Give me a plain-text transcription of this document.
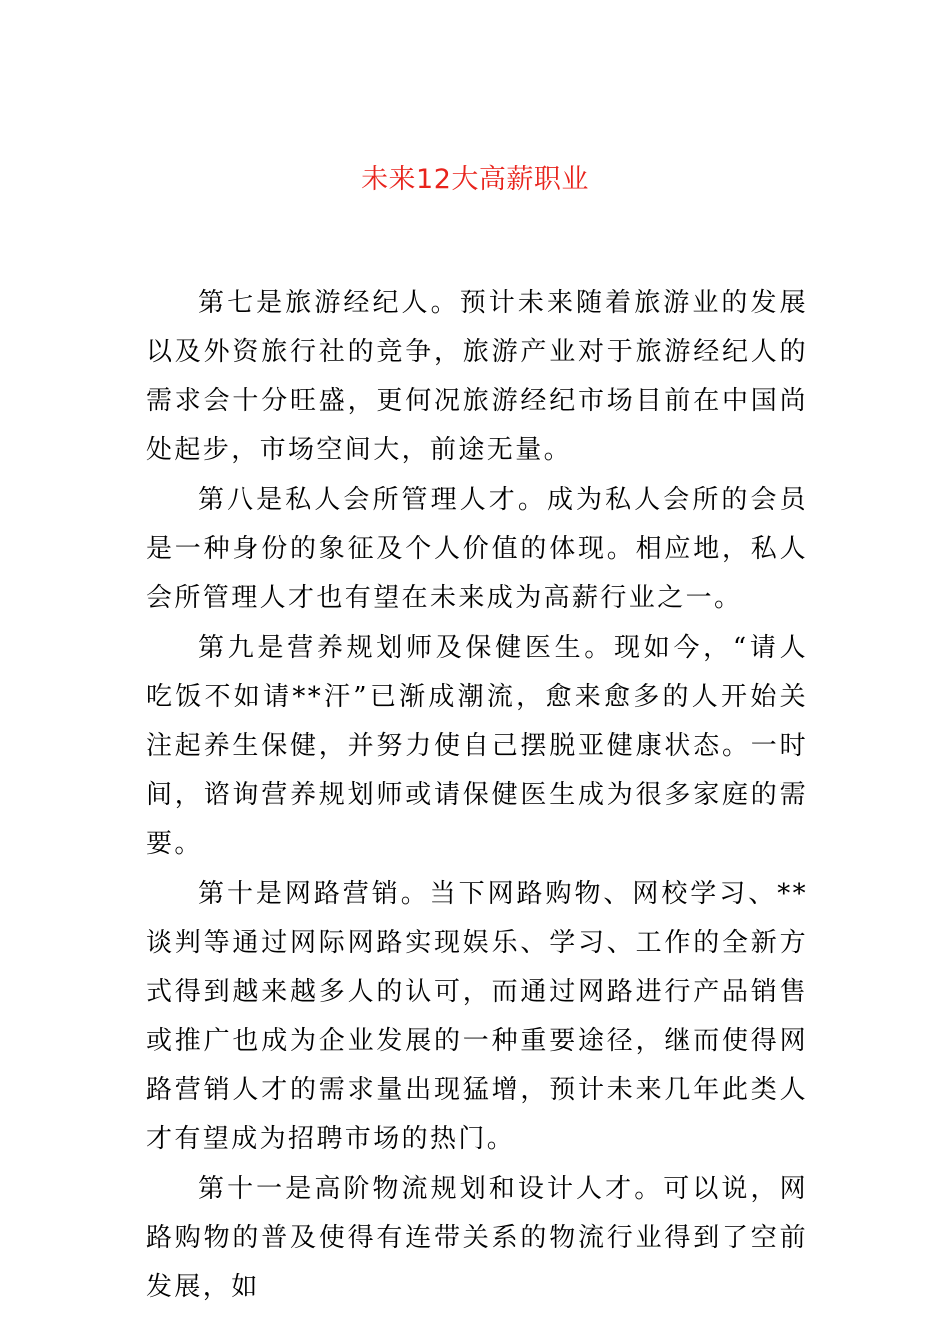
未来12大高薪职业

第七是旅游经纪人。预计未来随着旅游业的发展以及外资旅行社的竞争，旅游产业对于旅游经纪人的需求会十分旺盛，更何况旅游经纪市场目前在中国尚处起步，市场空间大，前途无量。

第八是私人会所管理人才。成为私人会所的会员是一种身份的象征及个人价值的体现。相应地，私人会所管理人才也有望在未来成为高薪行业之一。

第九是营养规划师及保健医生。现如今，“请人吃饭不如请**汗”已渐成潮流，愈来愈多的人开始关注起养生保健，并努力使自己摆脱亚健康状态。一时间，谘询营养规划师或请保健医生成为很多家庭的需要。

第十是网路营销。当下网路购物、网校学习、**谈判等通过网际网路实现娱乐、学习、工作的全新方式得到越来越多人的认可，而通过网路进行产品销售或推广也成为企业发展的一种重要途径，继而使得网路营销人才的需求量出现猛增，预计未来几年此类人才有望成为招聘市场的热门。

第十一是高阶物流规划和设计人才。可以说，网路购物的普及使得有连带关系的物流行业得到了空前发展，如
